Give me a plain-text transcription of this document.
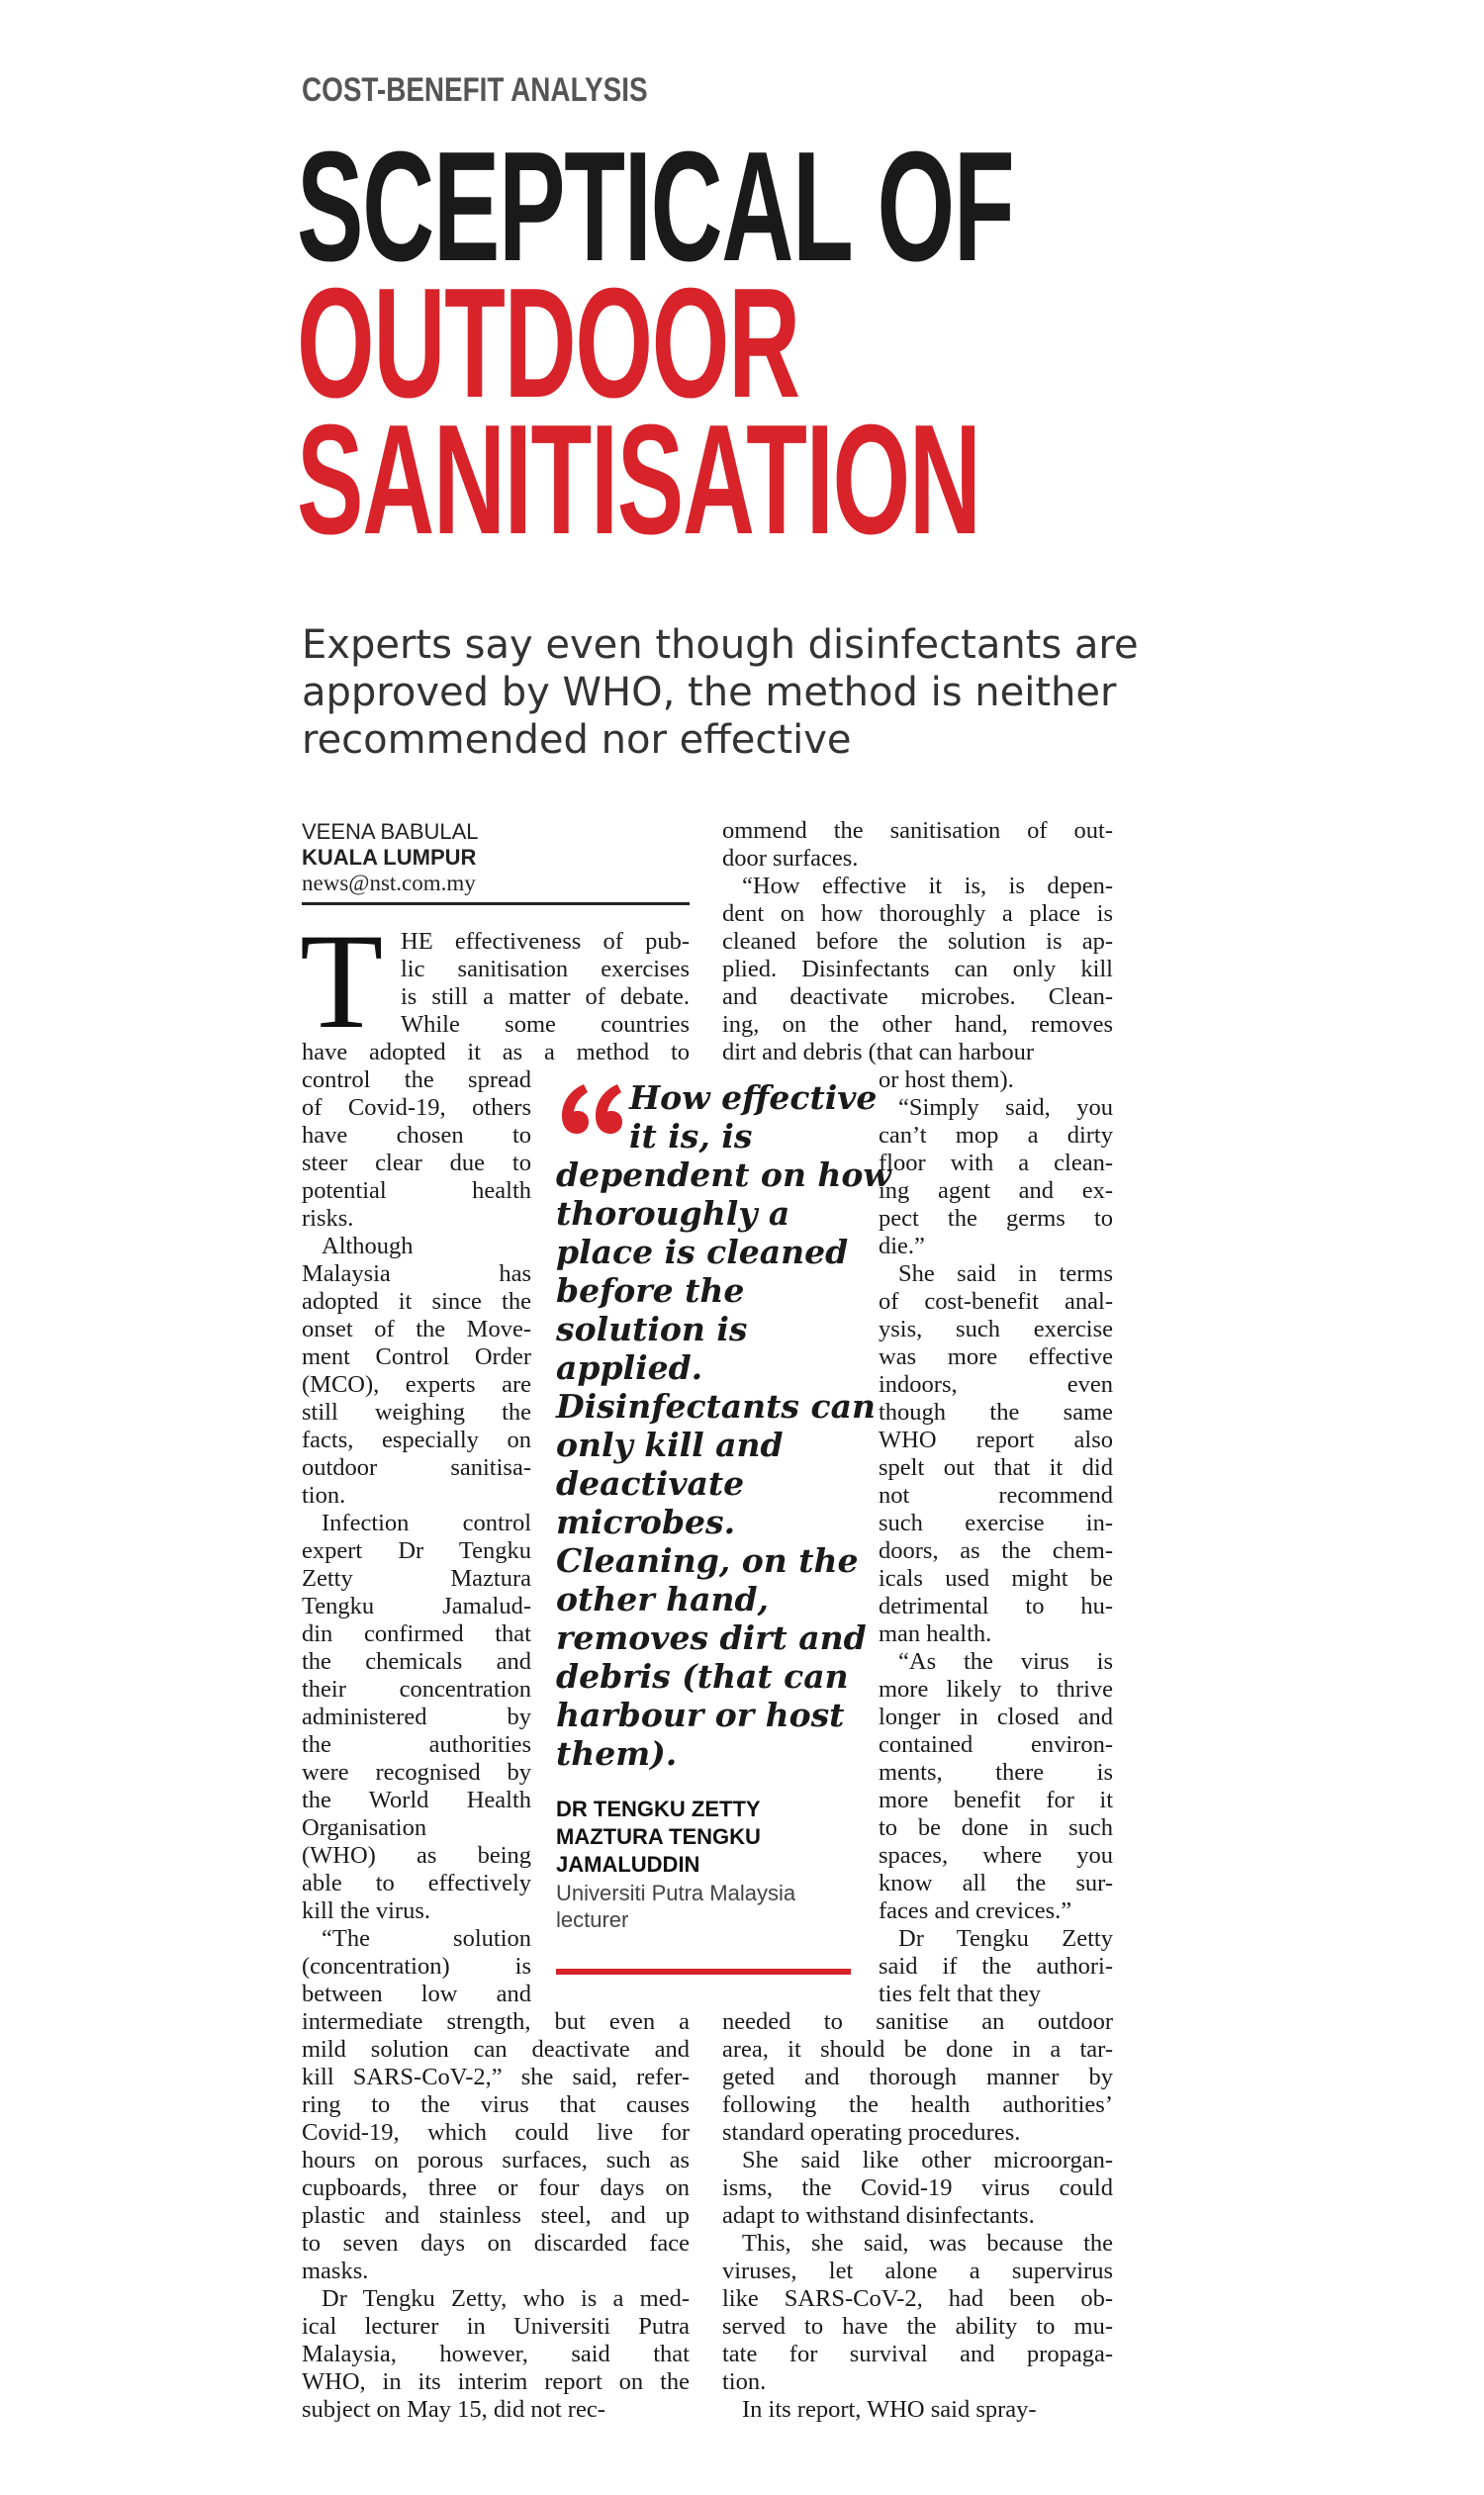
COST-BENEFIT ANALYSIS
SCEPTICAL OF
OUTDOOR
SANITISATION
Experts say even though disinfectants are
approved by WHO, the method is neither
recommended nor effective
VEENA BABULAL
KUALA LUMPUR
news@nst.com.my
T HE effectiveness of pub-
lic sanitisation exercises
is still a matter of debate.
While some countries
have adopted it as a method to
control the spread
of Covid-19, others
have chosen to
steer clear due to
potential health
risks.
Although
Malaysia has
adopted it since the
onset of the Move-
ment Control Order
(MCO), experts are
still weighing the
facts, especially on
outdoor sanitisa-
tion.
Infection control
expert Dr Tengku
Zetty Maztura
Tengku Jamalud-
din confirmed that
the chemicals and
their concentration
administered by
the authorities
were recognised by
the World Health
Organisation
(WHO) as being
able to effectively
kill the virus.
“The solution
(concentration) is
between low and
intermediate strength, but even a
mild solution can deactivate and
kill SARS-CoV-2,” she said, refer-
ring to the virus that causes
Covid-19, which could live for
hours on porous surfaces, such as
cupboards, three or four days on
plastic and stainless steel, and up
to seven days on discarded face
masks.
Dr Tengku Zetty, who is a med-
ical lecturer in Universiti Putra
Malaysia, however, said that
WHO, in its interim report on the
subject on May 15, did not rec-
ommend the sanitisation of out-
door surfaces.
“How effective it is, is depen-
dent on how thoroughly a place is
cleaned before the solution is ap-
plied. Disinfectants can only kill
and deactivate microbes. Clean-
ing, on the other hand, removes
dirt and debris (that can harbour
or host them).
“Simply said, you
can’t mop a dirty
floor with a clean-
ing agent and ex-
pect the germs to
die.”
She said in terms
of cost-benefit anal-
ysis, such exercise
was more effective
indoors, even
though the same
WHO report also
spelt out that it did
not recommend
such exercise in-
doors, as the chem-
icals used might be
detrimental to hu-
man health.
“As the virus is
more likely to thrive
longer in closed and
contained environ-
ments, there is
more benefit for it
to be done in such
spaces, where you
know all the sur-
faces and crevices.”
Dr Tengku Zetty
said if the authori-
ties felt that they
needed to sanitise an outdoor
area, it should be done in a tar-
geted and thorough manner by
following the health authorities’
standard operating procedures.
She said like other microorgan-
isms, the Covid-19 virus could
adapt to withstand disinfectants.
This, she said, was because the
viruses, let alone a supervirus
like SARS-CoV-2, had been ob-
served to have the ability to mu-
tate for survival and propaga-
tion.
In its report, WHO said spray-
How effective
it is, is
dependent on how
thoroughly a
place is cleaned
before the
solution is
applied.
Disinfectants can
only kill and
deactivate
microbes.
Cleaning, on the
other hand,
removes dirt and
debris (that can
harbour or host
them).
DR TENGKU ZETTY
MAZTURA TENGKU
JAMALUDDIN
Universiti Putra Malaysia
lecturer
